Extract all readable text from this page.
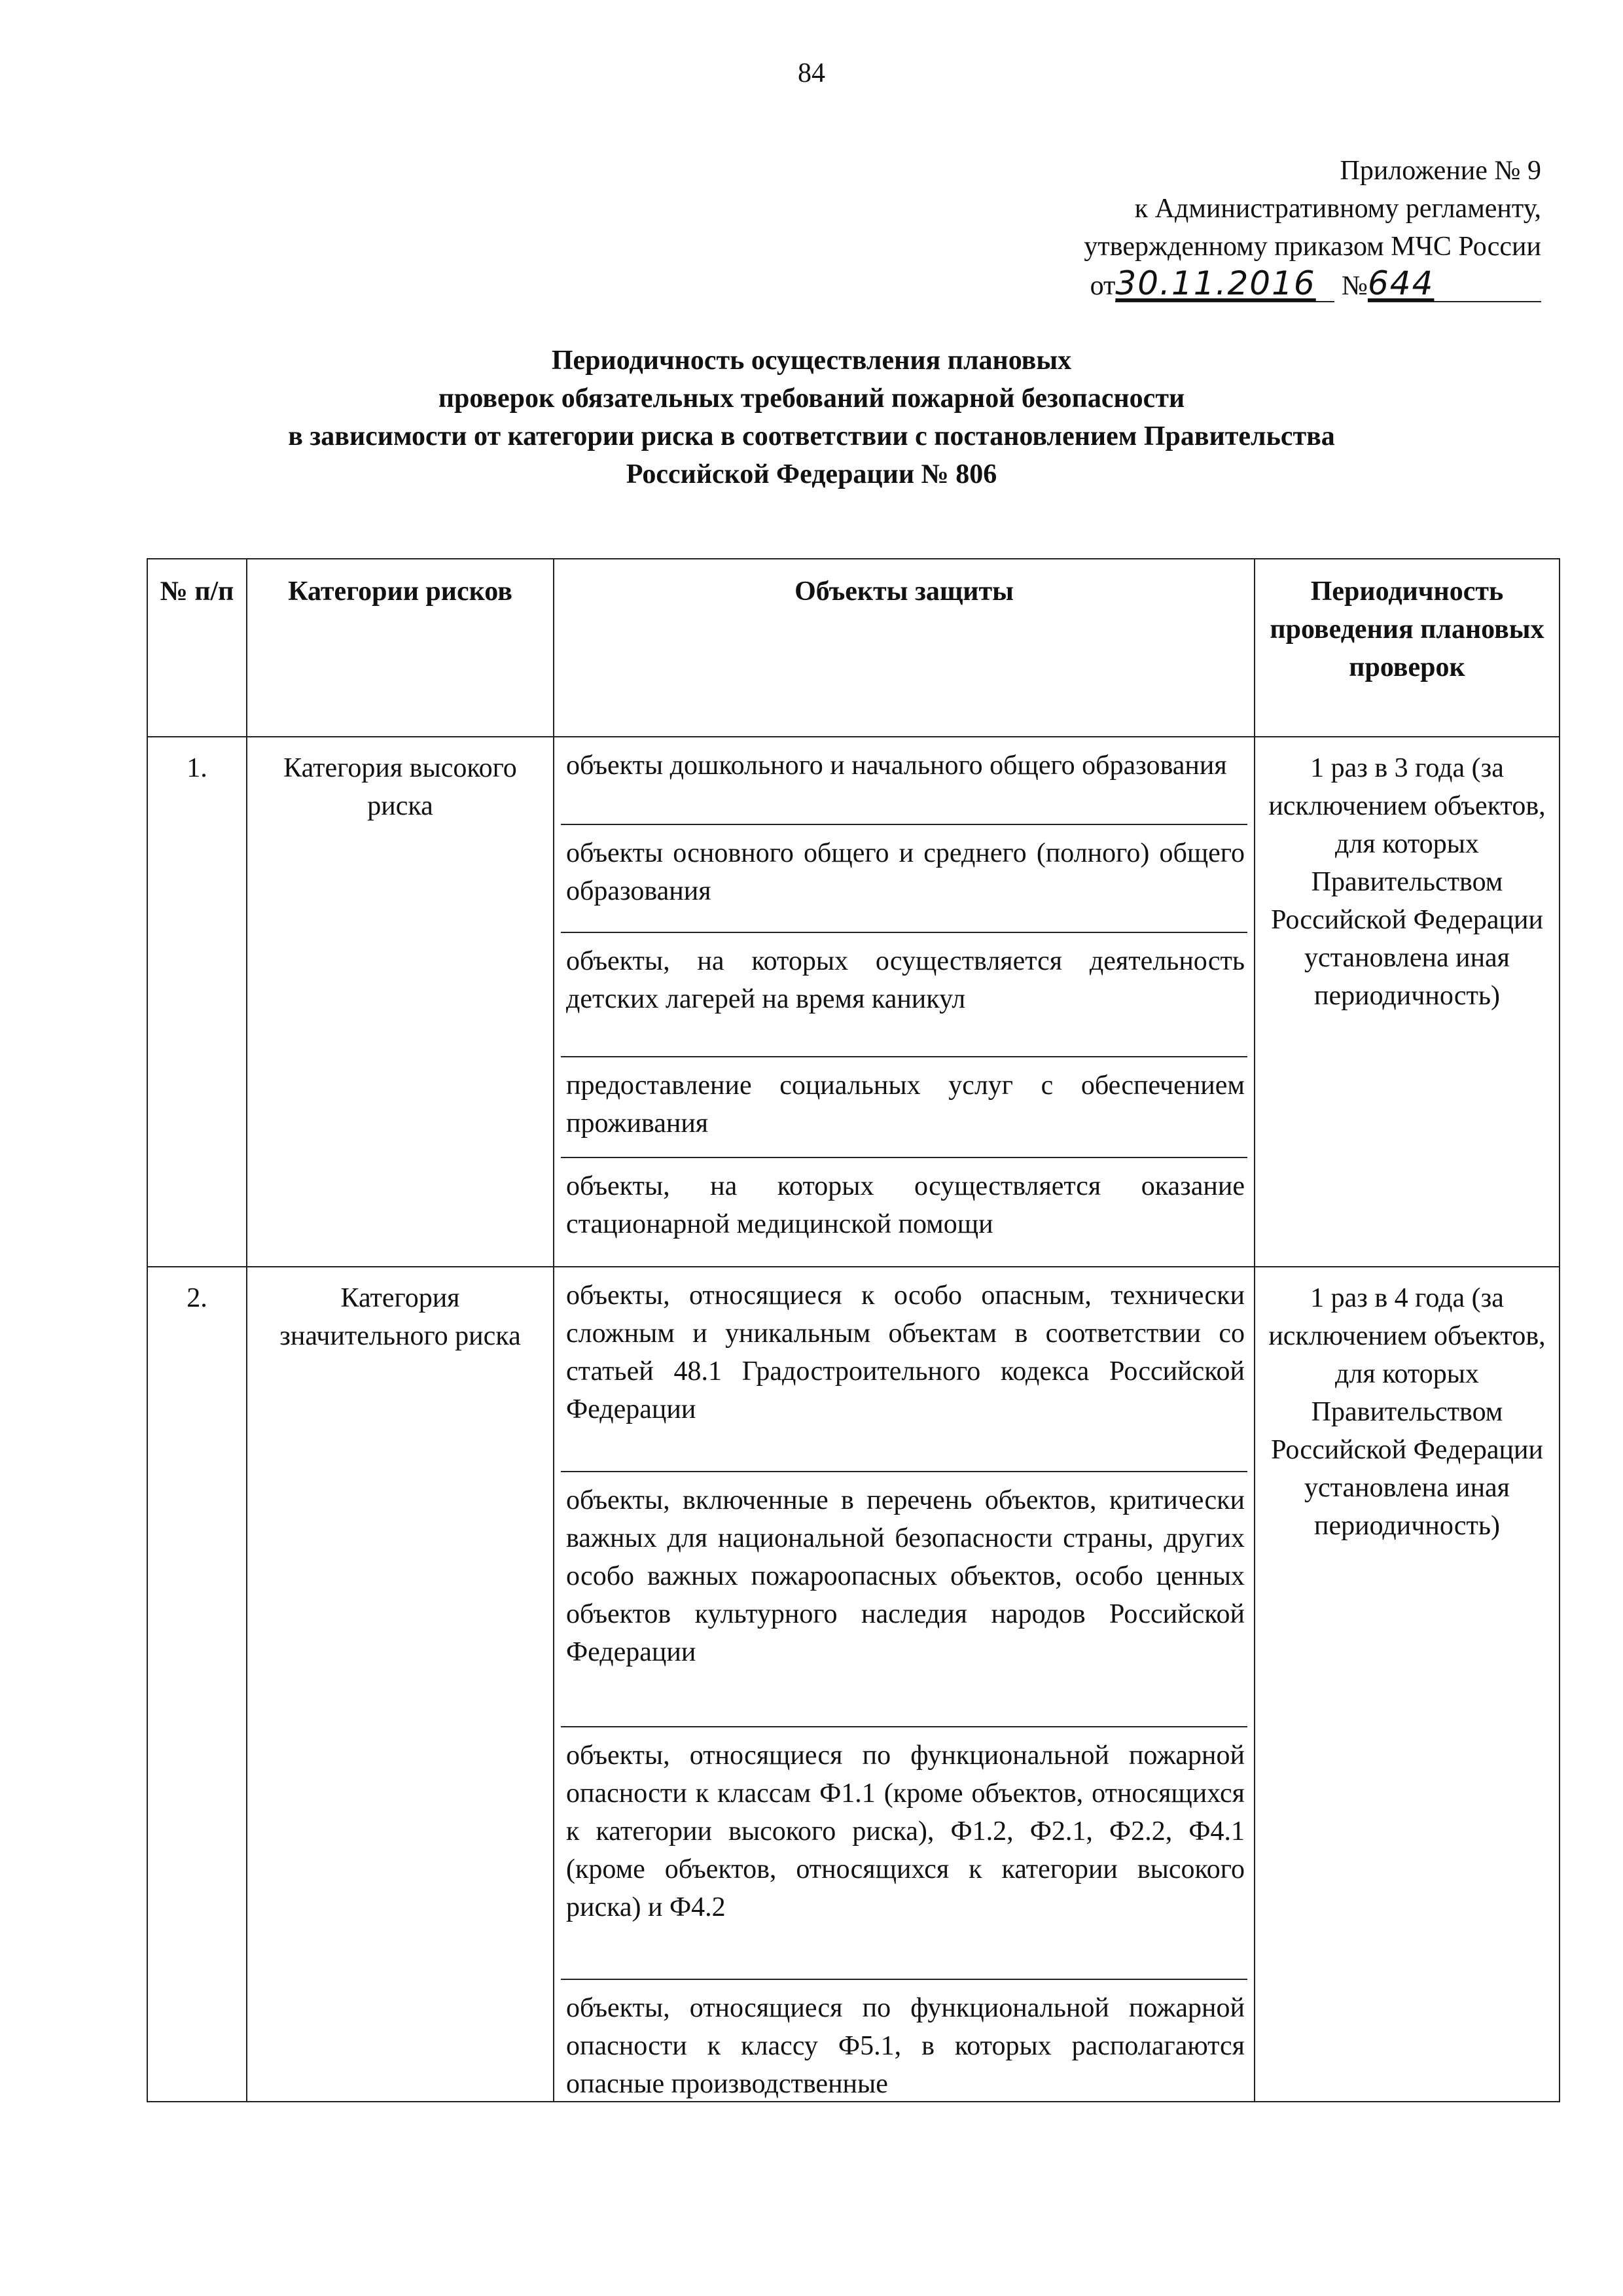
84
Приложение № 9
к Административному регламенту,
утвержденному приказом МЧС России
от30.11.2016 №644
Периодичность осуществления плановых
проверок обязательных требований пожарной безопасности
в зависимости от категории риска в соответствии с постановлением Правительства
Российской Федерации № 806
№ п/п	Категории рисков	Объекты защиты	Периодичность проведения плановых проверок
1.	Категория высокого риска	объекты дошкольного и начального общего образования
объекты основного общего и среднего (полного) общего образования
объекты, на которых осуществляется деятельность детских лагерей на время каникул
предоставление социальных услуг с обеспечением проживания
объекты, на которых осуществляется оказание стационарной медицинской помощи	1 раз в 3 года (за исключением объектов, для которых Правительством Российской Федерации установлена иная периодичность)
2.	Категория значительного риска	объекты, относящиеся к особо опасным, технически сложным и уникальным объектам в соответствии со статьей 48.1 Градостроительного кодекса Российской Федерации
объекты, включенные в перечень объектов, критически важных для национальной безопасности страны, других особо важных пожароопасных объектов, особо ценных объектов культурного наследия народов Российской Федерации
объекты, относящиеся по функциональной пожарной опасности к классам Ф1.1 (кроме объектов, относящихся к категории высокого риска), Ф1.2, Ф2.1, Ф2.2, Ф4.1 (кроме объектов, относящихся к категории высокого риска) и Ф4.2
объекты, относящиеся по функциональной пожарной опасности к классу Ф5.1, в которых располагаются опасные производственные	1 раз в 4 года (за исключением объектов, для которых Правительством Российской Федерации установлена иная периодичность)
